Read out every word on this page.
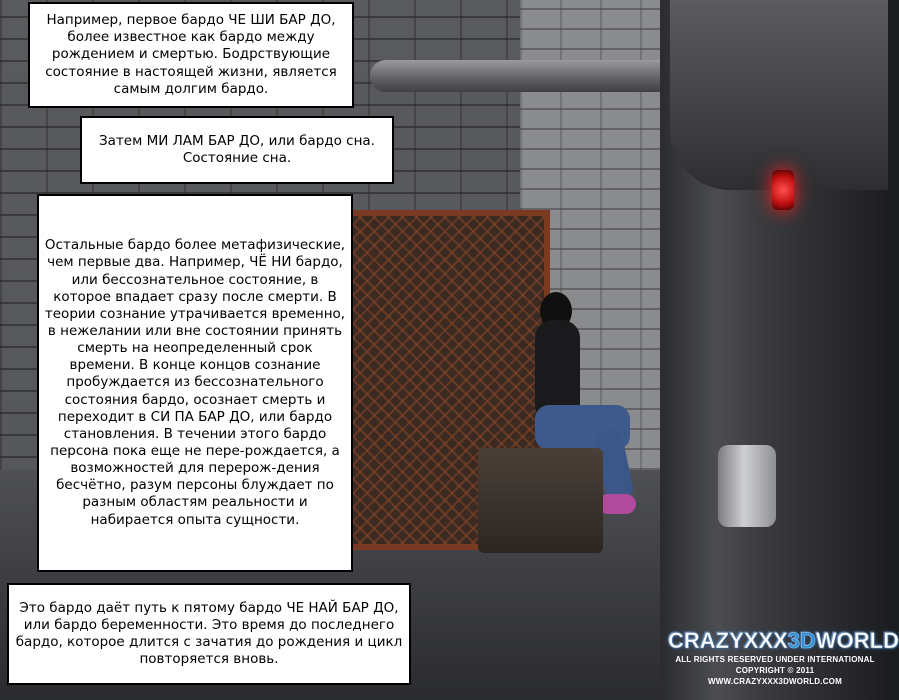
Например, первое бардо ЧЕ ШИ БАР ДО, более известное как бардо между рождением и смертью. Бодрствующие состояние в настоящей жизни, является самым долгим бардо.
Затем МИ ЛАМ БАР ДО, или бардо сна. Состояние сна.
Остальные бардо более метафизические, чем первые два. Например, ЧЁ НИ бардо, или бессознательное состояние, в которое впадает сразу после смерти. В теории сознание утрачивается временно, в нежелании или вне состоянии принять смерть на неопределенный срок времени. В конце концов сознание пробуждается из бессознательного состояния бардо, осознает смерть и переходит в СИ ПА БАР ДО, или бардо становления. В течении этого бардо персона пока еще не пере-рождается, а возможностей для перерож-дения бесчётно, разум персоны блуждает по разным областям реальности и набирается опыта сущности.
Это бардо даёт путь к пятому бардо ЧЕ НАЙ БАР ДО, или бардо беременности. Это время до последнего бардо, которое длится с зачатия до рождения и цикл повторяется вновь.
CRAZYXXX3DWORLD
ALL RIGHTS RESERVED UNDER INTERNATIONAL
COPYRIGHT © 2011 WWW.CRAZYXXX3DWORLD.COM
